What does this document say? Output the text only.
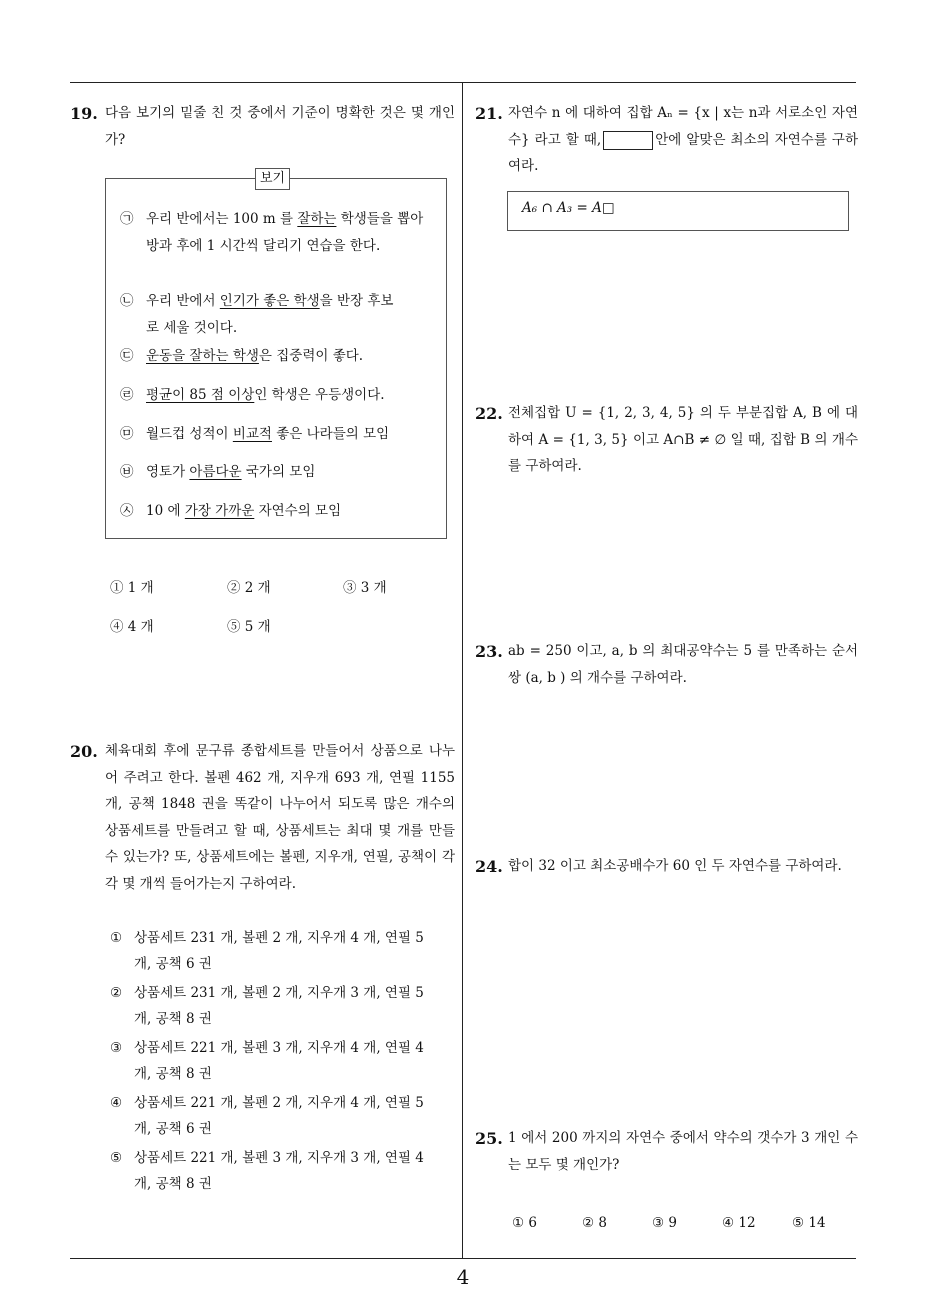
19. 다음 보기의 밑줄 친 것 중에서 기준이 명확한 것은 몇 개인가?
보기
㉠ 우리 반에서는 100 m 를 잘하는 학생들을 뽑아 방과 후에 1 시간씩 달리기 연습을 한다.
㉡ 우리 반에서 인기가 좋은 학생을 반장 후보로 세울 것이다.
㉢ 운동을 잘하는 학생은 집중력이 좋다.
㉣ 평균이 85 점 이상인 학생은 우등생이다.
㉤ 월드컵 성적이 비교적 좋은 나라들의 모임
㉥ 영토가 아름다운 국가의 모임
㉦ 10 에 가장 가까운 자연수의 모임
① 1 개	② 2 개	③ 3 개
④ 4 개	⑤ 5 개
20. 체육대회 후에 문구류 종합세트를 만들어서 상품으로 나누어 주려고 한다. 볼펜 462 개, 지우개 693 개, 연필 1155 개, 공책 1848 권을 똑같이 나누어서 되도록 많은 개수의 상품세트를 만들려고 할 때, 상품세트는 최대 몇 개를 만들 수 있는가? 또, 상품세트에는 볼펜, 지우개, 연필, 공책이 각각 몇 개씩 들어가는지 구하여라.
① 상품세트 231 개, 볼펜 2 개, 지우개 4 개, 연필 5 개, 공책 6 권
② 상품세트 231 개, 볼펜 2 개, 지우개 3 개, 연필 5 개, 공책 8 권
③ 상품세트 221 개, 볼펜 3 개, 지우개 4 개, 연필 4 개, 공책 8 권
④ 상품세트 221 개, 볼펜 2 개, 지우개 4 개, 연필 5 개, 공책 6 권
⑤ 상품세트 221 개, 볼펜 3 개, 지우개 3 개, 연필 4 개, 공책 8 권
21. 자연수 n 에 대하여 집합 Aₙ = {x | x는 n과 서로소인 자연수} 라고 할 때,	안에 알맞은 최소의 자연수를 구하여라.
A₆ ∩ A₃ = A□
22. 전체집합 U = {1, 2, 3, 4, 5} 의 두 부분집합 A, B 에 대하여 A = {1, 3, 5} 이고 A∩B ≠ ∅ 일 때, 집합 B 의 개수를 구하여라.
23. ab = 250 이고, a, b 의 최대공약수는 5 를 만족하는 순서쌍 (a, b ) 의 개수를 구하여라.
24. 합이 32 이고 최소공배수가 60 인 두 자연수를 구하여라.
25. 1 에서 200 까지의 자연수 중에서 약수의 갯수가 3 개인 수는 모두 몇 개인가?
① 6	② 8	③ 9	④ 12	⑤ 14
4
